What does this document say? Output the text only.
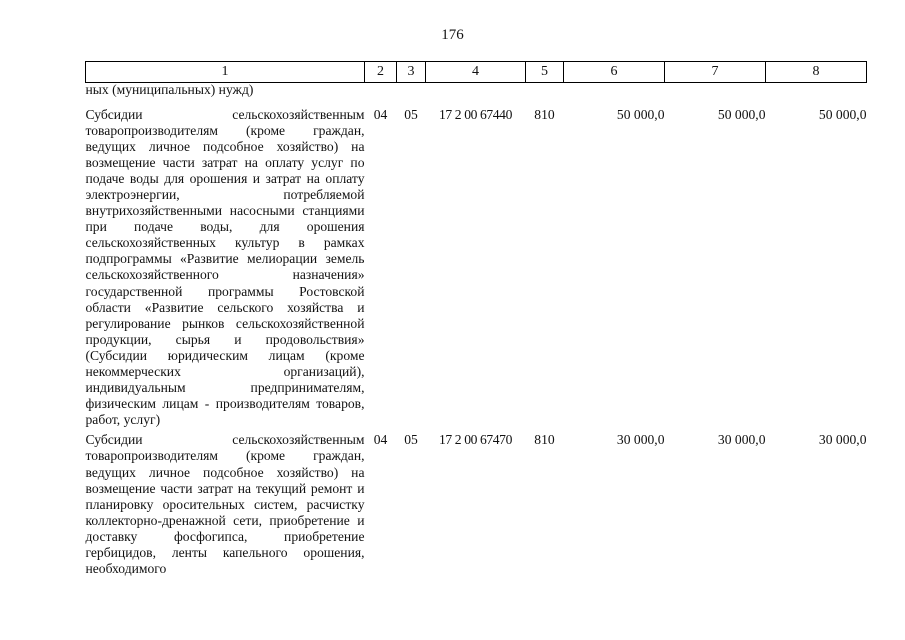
176
1	2	3	4	5	6	7	8
ных (муниципальных) нужд)							

Субсидии сельскохозяйственным товаропроизводителям (кроме граждан, ведущих личное подсобное хозяйство) на возмещение части затрат на оплату услуг по подаче воды для орошения и затрат на оплату электроэнергии, потребляемой внутрихозяйственными насосными станциями при подаче воды, для орошения сельскохозяйственных культур в рамках подпрограммы «Развитие мелиорации земель сельскохозяйственного назначения» государственной программы Ростовской области «Развитие сельского хозяйства и регулирование рынков сельскохозяйственной продукции, сырья и продовольствия» (Субсидии юридическим лицам (кроме некоммерческих организаций), индивидуальным предпринимателям, физическим лицам - производителям товаров, работ, услуг)	04	05	17 2 00 67440	810	50 000,0	50 000,0	50 000,0

Субсидии сельскохозяйственным товаропроизводителям (кроме граждан, ведущих личное подсобное хозяйство) на возмещение части затрат на текущий ремонт и планировку оросительных систем, расчистку коллекторно-дренажной сети, приобретение и доставку фосфогипса, приобретение гербицидов, ленты капельного орошения, необходимого	04	05	17 2 00 67470	810	30 000,0	30 000,0	30 000,0
